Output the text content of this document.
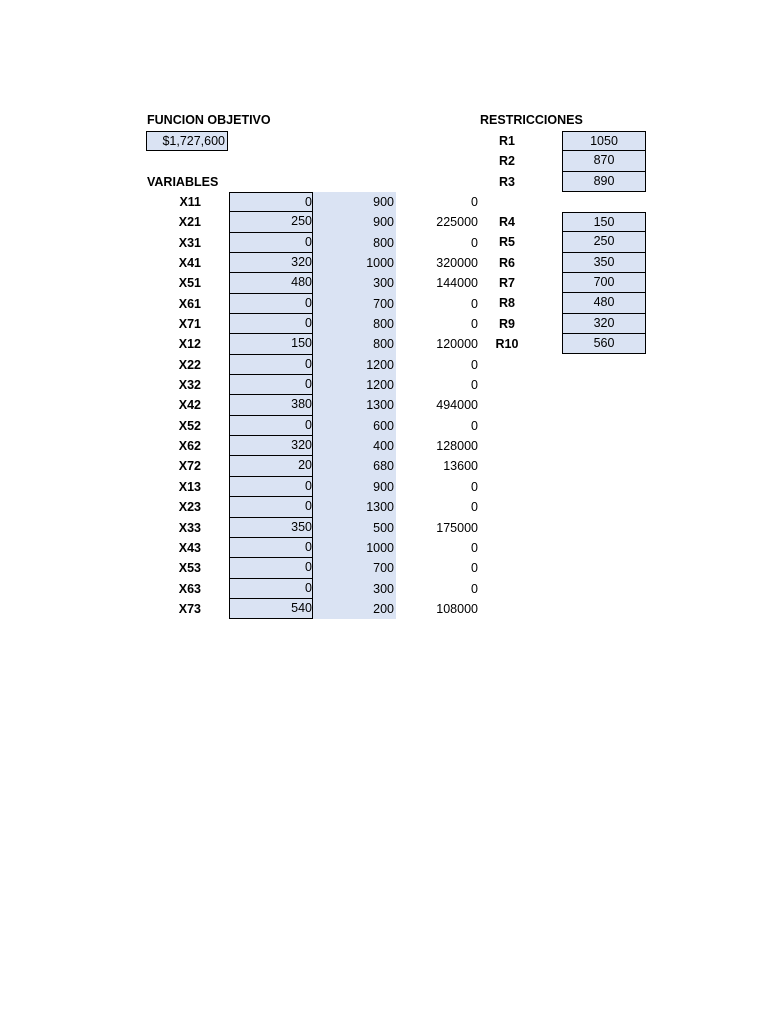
FUNCION OBJETIVO
$1,727,600
VARIABLES
X11	0	900	0
X21	250	900	225000
X31	0	800	0
X41	320	1000	320000
X51	480	300	144000
X61	0	700	0
X71	0	800	0
X12	150	800	120000
X22	0	1200	0
X32	0	1200	0
X42	380	1300	494000
X52	0	600	0
X62	320	400	128000
X72	20	680	13600
X13	0	900	0
X23	0	1300	0
X33	350	500	175000
X43	0	1000	0
X53	0	700	0
X63	0	300	0
X73	540	200	108000
RESTRICCIONES
R1	1050
R2	870
R3	890
R4	150
R5	250
R6	350
R7	700
R8	480
R9	320
R10	560
